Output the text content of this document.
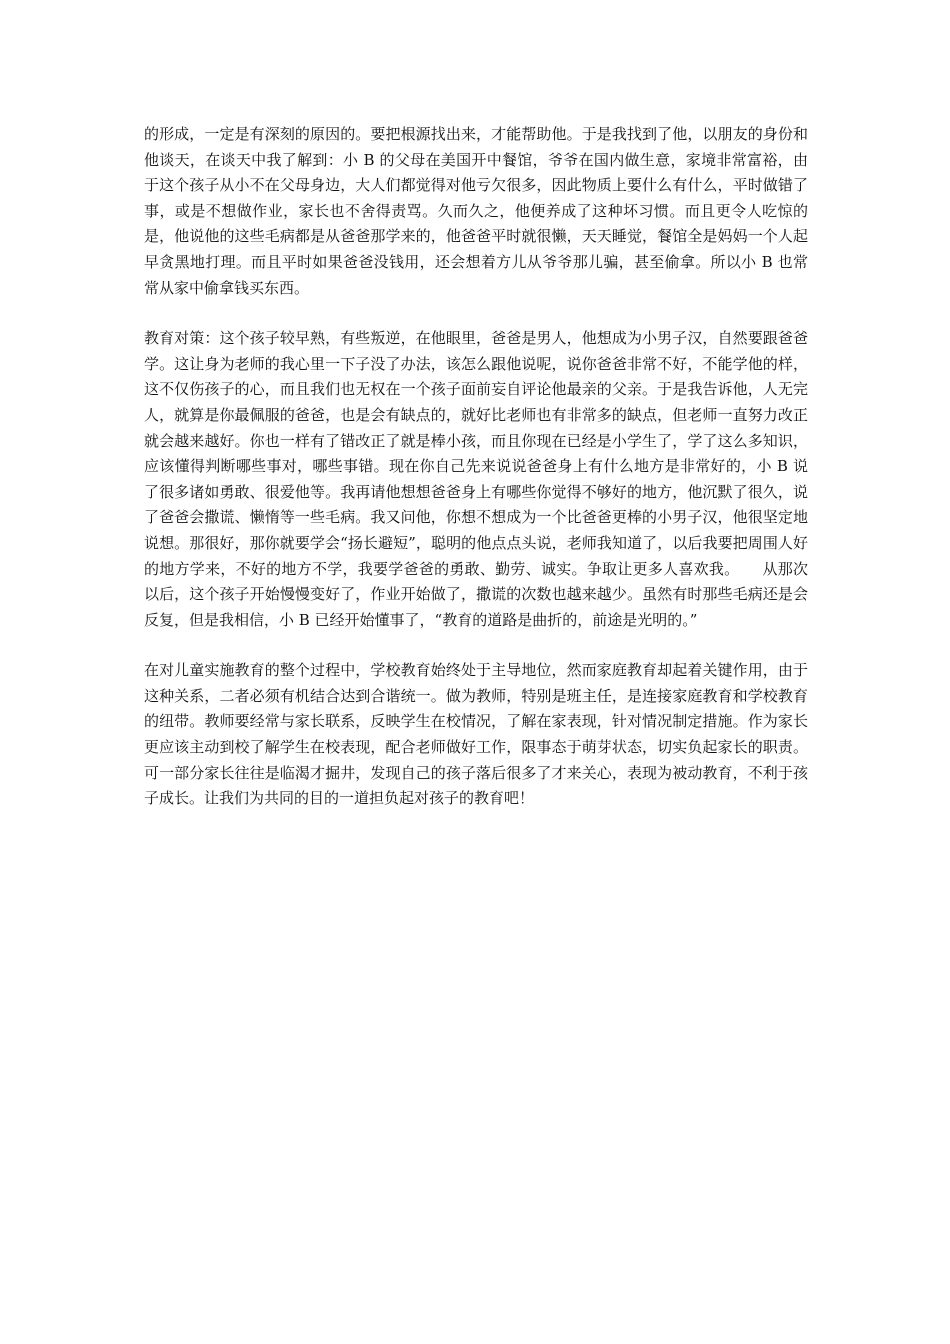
的形成，一定是有深刻的原因的。要把根源找出来，才能帮助他。于是我找到了他，以朋友的身份和他谈天，在谈天中我了解到：小 B 的父母在美国开中餐馆，爷爷在国内做生意，家境非常富裕，由于这个孩子从小不在父母身边，大人们都觉得对他亏欠很多，因此物质上要什么有什么，平时做错了事，或是不想做作业，家长也不舍得责骂。久而久之，他便养成了这种坏习惯。而且更令人吃惊的是，他说他的这些毛病都是从爸爸那学来的，他爸爸平时就很懒，天天睡觉，餐馆全是妈妈一个人起早贪黑地打理。而且平时如果爸爸没钱用，还会想着方儿从爷爷那儿骗，甚至偷拿。所以小 B 也常常从家中偷拿钱买东西。

教育对策：这个孩子较早熟，有些叛逆，在他眼里，爸爸是男人，他想成为小男子汉，自然要跟爸爸学。这让身为老师的我心里一下子没了办法，该怎么跟他说呢，说你爸爸非常不好，不能学他的样，这不仅伤孩子的心，而且我们也无权在一个孩子面前妄自评论他最亲的父亲。于是我告诉他，人无完人，就算是你最佩服的爸爸，也是会有缺点的，就好比老师也有非常多的缺点，但老师一直努力改正就会越来越好。你也一样有了错改正了就是棒小孩，而且你现在已经是小学生了，学了这么多知识，应该懂得判断哪些事对，哪些事错。现在你自己先来说说爸爸身上有什么地方是非常好的，小 B 说了很多诸如勇敢、很爱他等。我再请他想想爸爸身上有哪些你觉得不够好的地方，他沉默了很久，说了爸爸会撒谎、懒惰等一些毛病。我又问他，你想不想成为一个比爸爸更棒的小男子汉，他很坚定地说想。那很好，那你就要学会“扬长避短”，聪明的他点点头说，老师我知道了，以后我要把周围人好的地方学来，不好的地方不学，我要学爸爸的勇敢、勤劳、诚实。争取让更多人喜欢我。　　从那次以后，这个孩子开始慢慢变好了，作业开始做了，撒谎的次数也越来越少。虽然有时那些毛病还是会反复，但是我相信，小 B 已经开始懂事了，“教育的道路是曲折的，前途是光明的。”

在对儿童实施教育的整个过程中，学校教育始终处于主导地位，然而家庭教育却起着关键作用，由于这种关系，二者必须有机结合达到合谐统一。做为教师，特别是班主任，是连接家庭教育和学校教育的纽带。教师要经常与家长联系，反映学生在校情况，了解在家表现，针对情况制定措施。作为家长更应该主动到校了解学生在校表现，配合老师做好工作，限事态于萌芽状态，切实负起家长的职责。可一部分家长往往是临渴才掘井，发现自己的孩子落后很多了才来关心，表现为被动教育，不利于孩子成长。让我们为共同的目的一道担负起对孩子的教育吧！
